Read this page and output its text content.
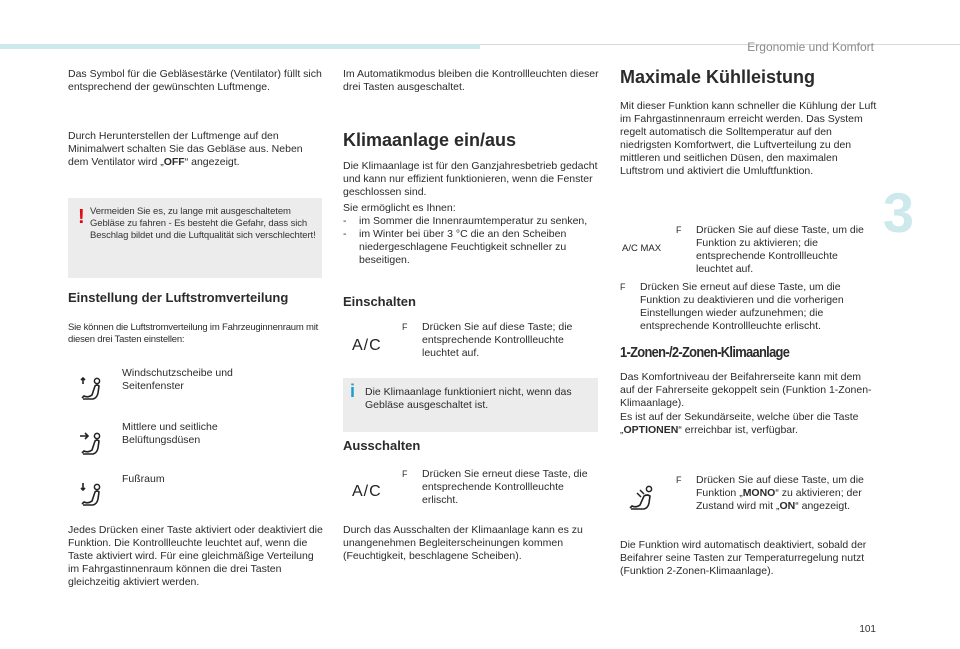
Ergonomie und Komfort
3
101

Das Symbol für die Gebläsestärke (Ventilator) füllt sich entsprechend der gewünschten Luftmenge.

Durch Herunterstellen der Luftmenge auf den Minimalwert schalten Sie das Gebläse aus. Neben dem Ventilator wird „OFF“ angezeigt.

! Vermeiden Sie es, zu lange mit ausgeschaltetem Gebläse zu fahren - Es besteht die Gefahr, dass sich Beschlag bildet und die Luftqualität sich verschlechtert!
Einstellung der Luftstromverteilung

Sie können die Luftstromverteilung im Fahrzeuginnenraum mit diesen drei Tasten einstellen:

Windschutzscheibe und Seitenfenster
Mittlere und seitliche Belüftungsdüsen
Fußraum

Jedes Drücken einer Taste aktiviert oder deaktiviert die Funktion. Die Kontrollleuchte leuchtet auf, wenn die Taste aktiviert wird. Für eine gleichmäßige Verteilung im Fahrgastinnenraum können die drei Tasten gleichzeitig aktiviert werden.

Im Automatikmodus bleiben die Kontrollleuchten dieser drei Tasten ausgeschaltet.

Klimaanlage ein/aus

Die Klimaanlage ist für den Ganzjahresbetrieb gedacht und kann nur effizient funktionieren, wenn die Fenster geschlossen sind.

Sie ermöglicht es Ihnen:

- im Sommer die Innenraumtemperatur zu senken,
- im Winter bei über 3 °C die an den Scheiben niedergeschlagene Feuchtigkeit schneller zu beseitigen.
Einschalten
A/C
F	Drücken Sie auf diese Taste; die entsprechende Kontrollleuchte leuchtet auf.
i Die Klimaanlage funktioniert nicht, wenn das Gebläse ausgeschaltet ist.
Ausschalten
A/C
F	Drücken Sie erneut diese Taste, die entsprechende Kontrollleuchte erlischt.

Durch das Ausschalten der Klimaanlage kann es zu unangenehmen Begleiterscheinungen kommen (Feuchtigkeit, beschlagene Scheiben).

Maximale Kühlleistung

Mit dieser Funktion kann schneller die Kühlung der Luft im Fahrgastinnenraum erreicht werden. Das System regelt automatisch die Solltemperatur auf den niedrigsten Komfortwert, die Luftverteilung zu den mittleren und seitlichen Düsen, den maximalen Luftstrom und aktiviert die Umluftfunktion.

A/C MAX
F	Drücken Sie auf diese Taste, um die Funktion zu aktivieren; die entsprechende Kontrollleuchte leuchtet auf.
F	Drücken Sie erneut auf diese Taste, um die Funktion zu deaktivieren und die vorherigen Einstellungen wieder aufzunehmen; die entsprechende Kontrollleuchte erlischt.
1-Zonen-/2-Zonen-Klimaanlage

Das Komfortniveau der Beifahrerseite kann mit dem auf der Fahrerseite gekoppelt sein (Funktion 1-Zonen-Klimaanlage).

Es ist auf der Sekundärseite, welche über die Taste „OPTIONEN“ erreichbar ist, verfügbar.

F	Drücken Sie auf diese Taste, um die Funktion „MONO“ zu aktivieren; der Zustand wird mit „ON“ angezeigt.

Die Funktion wird automatisch deaktiviert, sobald der Beifahrer seine Tasten zur Temperaturregelung nutzt (Funktion 2-Zonen-Klimaanlage).
